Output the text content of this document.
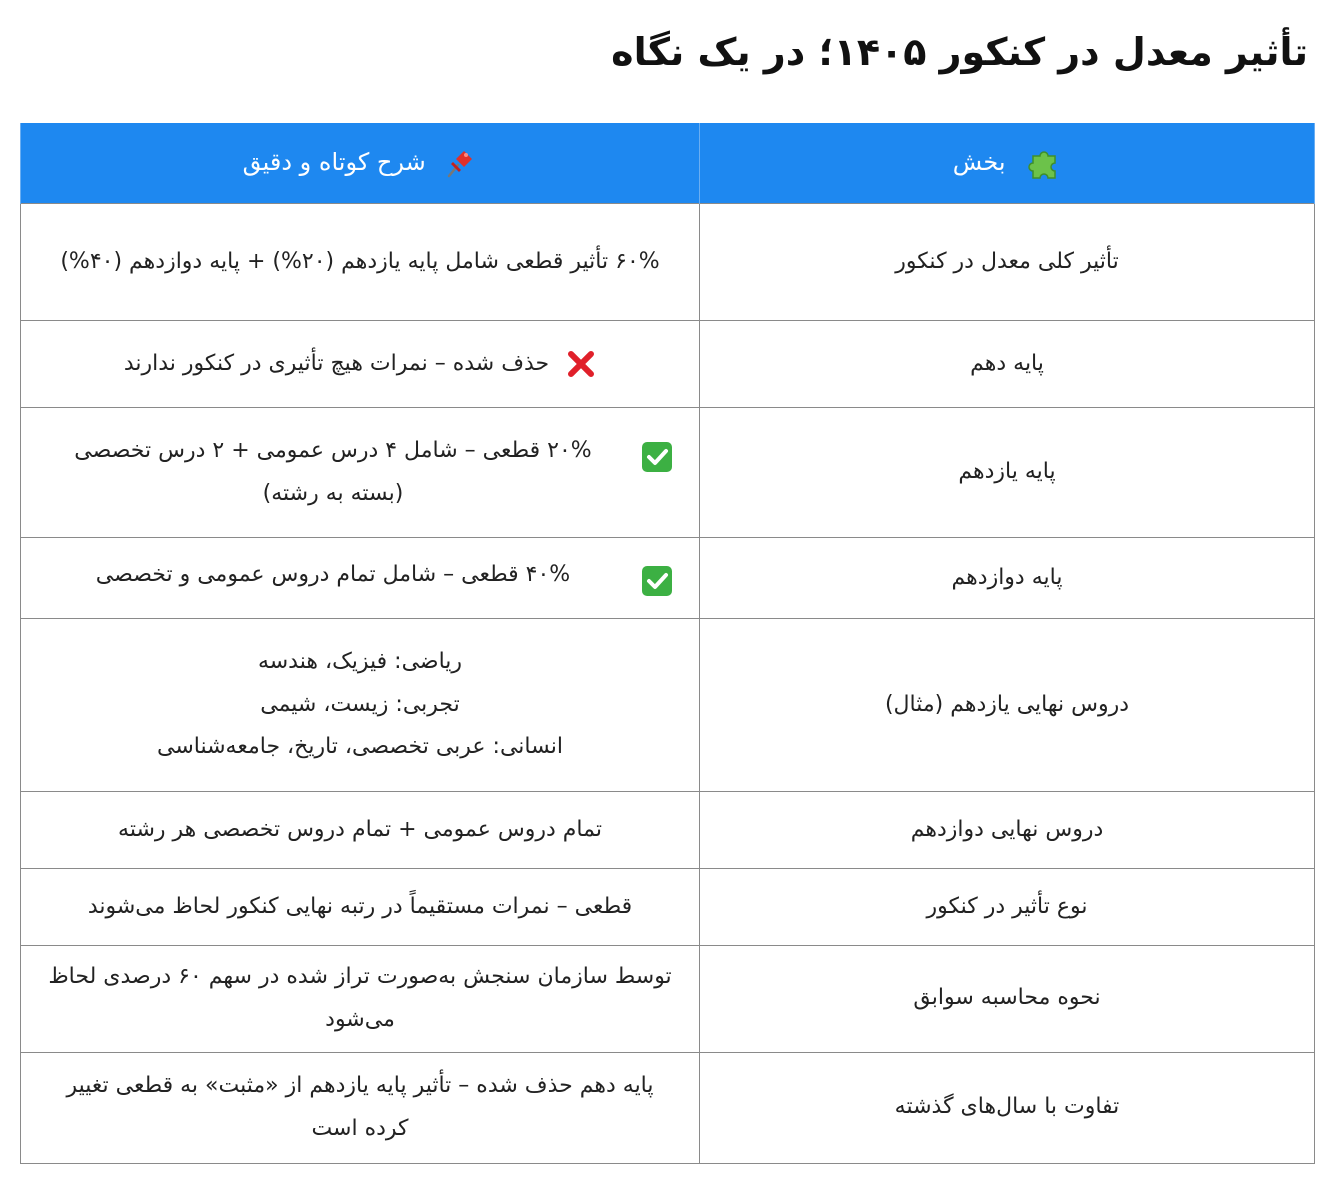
تأثیر معدل در کنکور ۱۴۰۵؛ در یک نگاه
بخش	شرح کوتاه و دقیق
تأثیر کلی معدل در کنکور	۶۰% تأثیر قطعی شامل پایه یازدهم (۲۰%) + پایه دوازدهم (۴۰%)
پایه دهم	حذف شده – نمرات هیچ تأثیری در کنکور ندارند
پایه یازدهم	۲۰% قطعی – شامل ۴ درس عمومی + ۲ درس تخصصی (بسته به رشته)

پایه دوازدهم	۴۰% قطعی – شامل تمام دروس عمومی و تخصصی

دروس نهایی یازدهم (مثال)	ریاضی: فیزیک، هندسه
تجربی: زیست، شیمی
انسانی: عربی تخصصی، تاریخ، جامعه‌شناسی

دروس نهایی دوازدهم	تمام دروس عمومی + تمام دروس تخصصی هر رشته
نوع تأثیر در کنکور	قطعی – نمرات مستقیماً در رتبه نهایی کنکور لحاظ می‌شوند
نحوه محاسبه سوابق	توسط سازمان سنجش به‌صورت تراز شده در سهم ۶۰ درصدی لحاظ می‌شود
تفاوت با سال‌های گذشته	پایه دهم حذف شده – تأثیر پایه یازدهم از «مثبت» به قطعی تغییر کرده است
